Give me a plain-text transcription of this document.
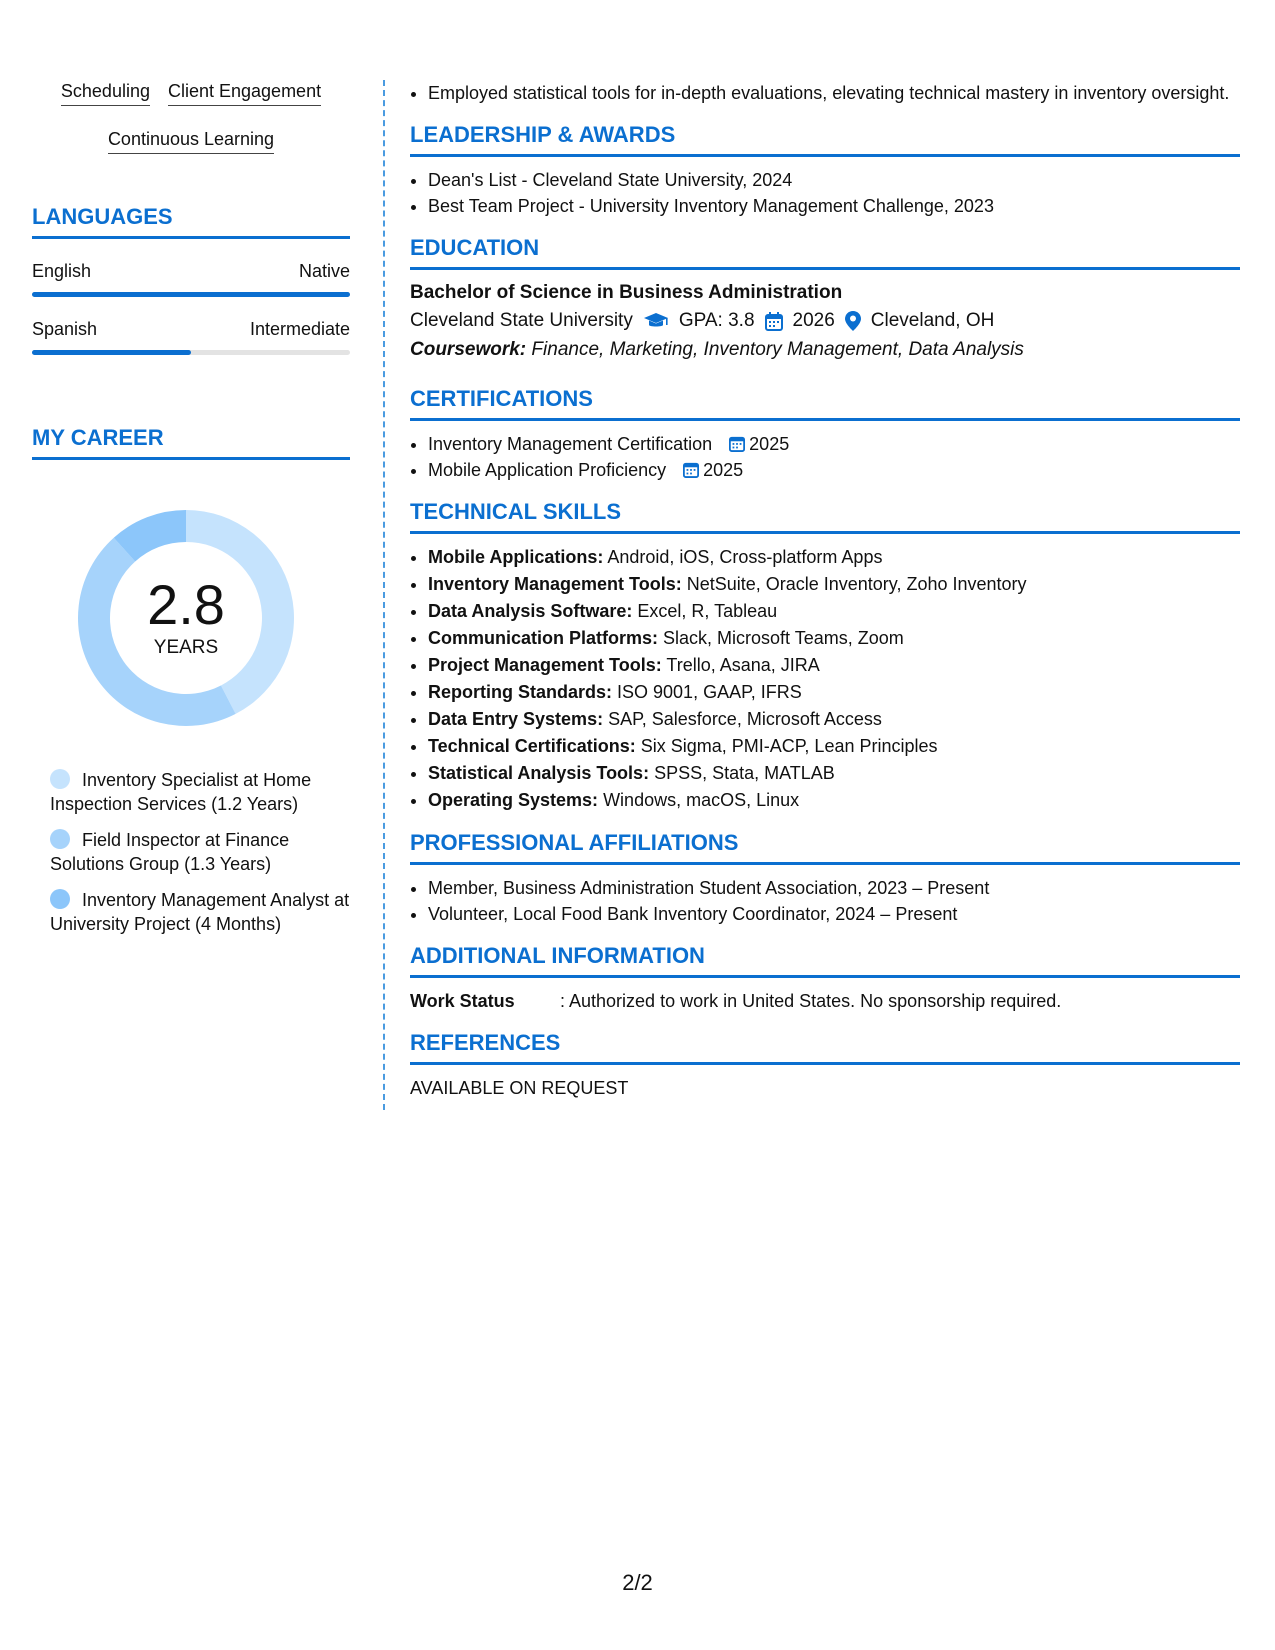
Scheduling Client Engagement
Continuous Learning
LANGUAGES
English	Native
Spanish	Intermediate
MY CAREER
2.8
YEARS
Inventory Specialist at Home Inspection Services (1.2 Years)
Field Inspector at Finance Solutions Group (1.3 Years)
Inventory Management Analyst at University Project (4 Months)
• Employed statistical tools for in-depth evaluations, elevating technical mastery in inventory oversight.
LEADERSHIP & AWARDS
• Dean's List - Cleveland State University, 2024
• Best Team Project - University Inventory Management Challenge, 2023
EDUCATION
Bachelor of Science in Business Administration
Cleveland State University GPA: 3.8 2026 Cleveland, OH
Coursework: Finance, Marketing, Inventory Management, Data Analysis
CERTIFICATIONS
• Inventory Management Certification 2025
• Mobile Application Proficiency 2025
TECHNICAL SKILLS
• Mobile Applications: Android, iOS, Cross-platform Apps
• Inventory Management Tools: NetSuite, Oracle Inventory, Zoho Inventory
• Data Analysis Software: Excel, R, Tableau
• Communication Platforms: Slack, Microsoft Teams, Zoom
• Project Management Tools: Trello, Asana, JIRA
• Reporting Standards: ISO 9001, GAAP, IFRS
• Data Entry Systems: SAP, Salesforce, Microsoft Access
• Technical Certifications: Six Sigma, PMI-ACP, Lean Principles
• Statistical Analysis Tools: SPSS, Stata, MATLAB
• Operating Systems: Windows, macOS, Linux
PROFESSIONAL AFFILIATIONS
• Member, Business Administration Student Association, 2023 – Present
• Volunteer, Local Food Bank Inventory Coordinator, 2024 – Present
ADDITIONAL INFORMATION
Work Status	: Authorized to work in United States. No sponsorship required.
REFERENCES
AVAILABLE ON REQUEST
2/2
